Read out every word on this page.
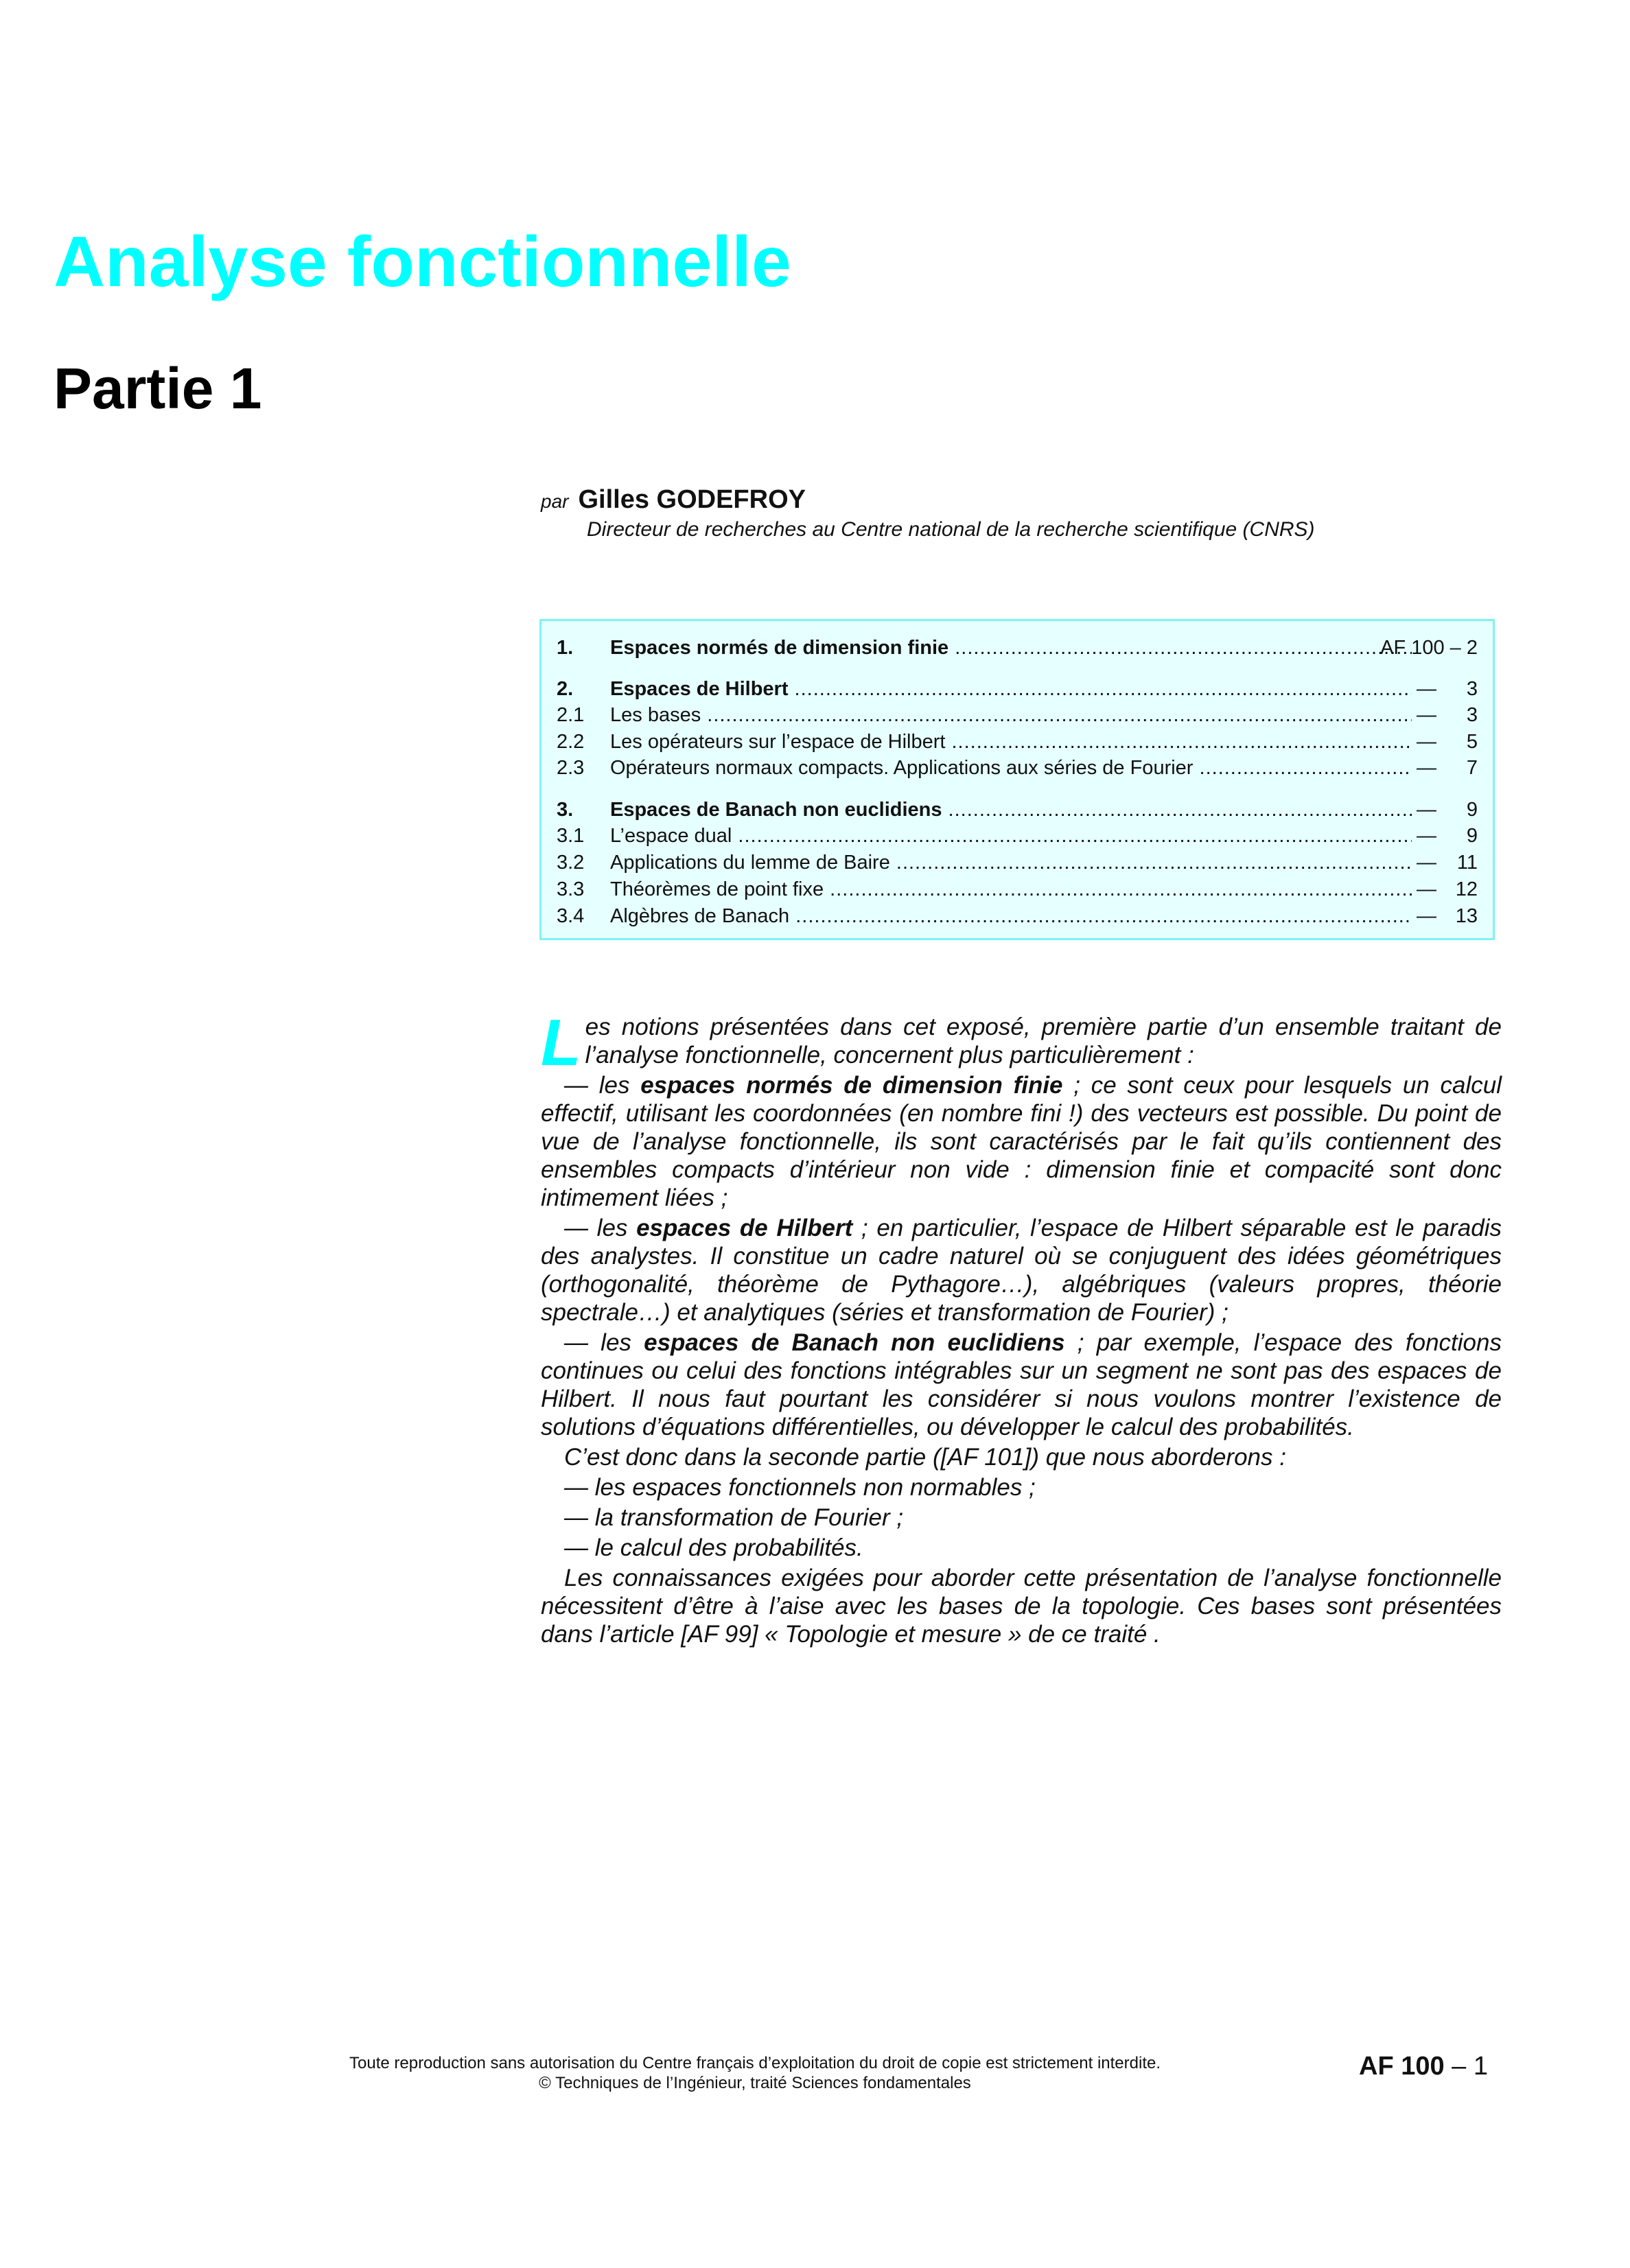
Analyse fonctionnelle
Partie 1
par Gilles GODEFROY
Directeur de recherches au Centre national de la recherche scientifique (CNRS)
1. Espaces normés de dimension finie .....	AF 100 – 2
2. Espaces de Hilbert .....	— 3
2.1 Les bases .....	— 3
2.2 Les opérateurs sur l’espace de Hilbert .....	— 5
2.3 Opérateurs normaux compacts. Applications aux séries de Fourier .....	— 7
3. Espaces de Banach non euclidiens .....	— 9
3.1 L’espace dual .....	— 9
3.2 Applications du lemme de Baire .....	— 11
3.3 Théorèmes de point fixe .....	— 12
3.4 Algèbres de Banach .....	— 13

Les notions présentées dans cet exposé, première partie d’un ensemble traitant de l’analyse fonctionnelle, concernent plus particulièrement :

— les espaces normés de dimension finie ; ce sont ceux pour lesquels un calcul effectif, utilisant les coordonnées (en nombre fini !) des vecteurs est possible. Du point de vue de l’analyse fonctionnelle, ils sont caractérisés par le fait qu’ils contiennent des ensembles compacts d’intérieur non vide : dimension finie et compacité sont donc intimement liées ;

— les espaces de Hilbert ; en particulier, l’espace de Hilbert séparable est le paradis des analystes. Il constitue un cadre naturel où se conjuguent des idées géométriques (orthogonalité, théorème de Pythagore…), algébriques (valeurs propres, théorie spectrale…) et analytiques (séries et transformation de Fourier) ;

— les espaces de Banach non euclidiens ; par exemple, l’espace des fonctions continues ou celui des fonctions intégrables sur un segment ne sont pas des espaces de Hilbert. Il nous faut pourtant les considérer si nous voulons montrer l’existence de solutions d’équations différentielles, ou développer le calcul des probabilités.

C’est donc dans la seconde partie ([AF 101]) que nous aborderons :

— les espaces fonctionnels non normables ;

— la transformation de Fourier ;

— le calcul des probabilités.

Les connaissances exigées pour aborder cette présentation de l’analyse fonctionnelle nécessitent d’être à l’aise avec les bases de la topologie. Ces bases sont présentées dans l’article [AF 99] « Topologie et mesure » de ce traité .

Toute reproduction sans autorisation du Centre français d’exploitation du droit de copie est strictement interdite.
© Techniques de l’Ingénieur, traité Sciences fondamentales
AF 100 – 1
